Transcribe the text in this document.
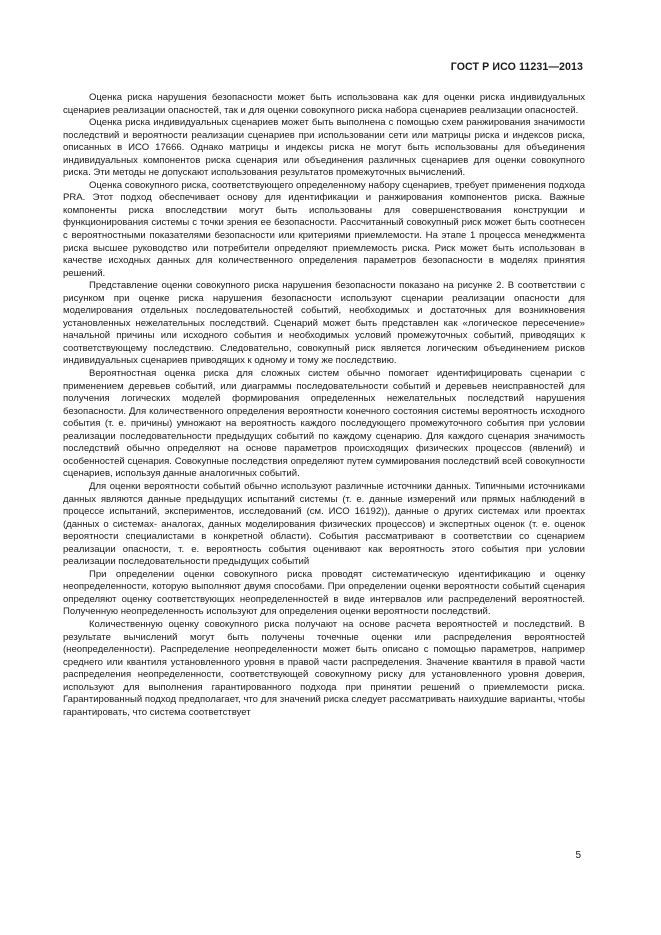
ГОСТ Р ИСО 11231—2013

Оценка риска нарушения безопасности может быть использована как для оценки риска индивидуальных сценариев реализации опасностей, так и для оценки совокупного риска набора сценариев реализации опасностей.

Оценка риска индивидуальных сценариев может быть выполнена с помощью схем ранжирования значимости последствий и вероятности реализации сценариев при использовании сети или матрицы риска и индексов риска, описанных в ИСО 17666. Однако матрицы и индексы риска не могут быть использованы для объединения индивидуальных компонентов риска сценария или объединения различных сценариев для оценки совокупного риска. Эти методы не допускают использования результатов промежуточных вычислений.

Оценка совокупного риска, соответствующего определенному набору сценариев, требует применения подхода PRA. Этот подход обеспечивает основу для идентификации и ранжирования компонентов риска. Важные компоненты риска впоследствии могут быть использованы для совершенствования конструкции и функционирования системы с точки зрения ее безопасности. Рассчитанный совокупный риск может быть соотнесен с вероятностными показателями безопасности или критериями приемлемости. На этапе 1 процесса менеджмента риска высшее руководство или потребители определяют приемлемость риска. Риск может быть использован в качестве исходных данных для количественного определения параметров безопасности в моделях принятия решений.

Представление оценки совокупного риска нарушения безопасности показано на рисунке 2. В соответствии с рисунком при оценке риска нарушения безопасности используют сценарии реализации опасности для моделирования отдельных последовательностей событий, необходимых и достаточных для возникновения установленных нежелательных последствий. Сценарий может быть представлен как «логическое пересечение» начальной причины или исходного события и необходимых условий промежуточных событий, приводящих к соответствующему последствию. Следовательно, совокупный риск является логическим объединением рисков индивидуальных сценариев приводящих к одному и тому же последствию.

Вероятностная оценка риска для сложных систем обычно помогает идентифицировать сценарии с применением деревьев событий, или диаграммы последовательности событий и деревьев неисправностей для получения логических моделей формирования определенных нежелательных последствий нарушения безопасности. Для количественного определения вероятности конечного состояния системы вероятность исходного события (т. е. причины) умножают на вероятность каждого последующего промежуточного события при условии реализации последовательности предыдущих событий по каждому сценарию. Для каждого сценария значимость последствий обычно определяют на основе параметров происходящих физических процессов (явлений) и особенностей сценария. Совокупные последствия определяют путем суммирования последствий всей совокупности сценариев, используя данные аналогичных событий.

Для оценки вероятности событий обычно используют различные источники данных. Типичными источниками данных являются данные предыдущих испытаний системы (т. е. данные измерений или прямых наблюдений в процессе испытаний, экспериментов, исследований (см. ИСО 16192)), данные о других системах или проектах (данных о системах- аналогах, данных моделирования физических процессов) и экспертных оценок (т. е. оценок вероятности специалистами в конкретной области). События рассматривают в соответствии со сценарием реализации опасности, т. е. вероятность события оценивают как вероятность этого события при условии реализации последовательности предыдущих событий

При определении оценки совокупного риска проводят систематическую идентификацию и оценку неопределенности, которую выполняют двумя способами. При определении оценки вероятности событий сценария определяют оценку соответствующих неопределенностей в виде интервалов или распределений вероятностей. Полученную неопределенность используют для определения оценки вероятности последствий.

Количественную оценку совокупного риска получают на основе расчета вероятностей и последствий. В результате вычислений могут быть получены точечные оценки или распределения вероятностей (неопределенности). Распределение неопределенности может быть описано с помощью параметров, например среднего или квантиля установленного уровня в правой части распределения. Значение квантиля в правой части распределения неопределенности, соответствующей совокупному риску для установленного уровня доверия, используют для выполнения гарантированного подхода при принятии решений о приемлемости риска. Гарантированный подход предполагает, что для значений риска следует рассматривать наихудшие варианты, чтобы гарантировать, что система соответствует

5
